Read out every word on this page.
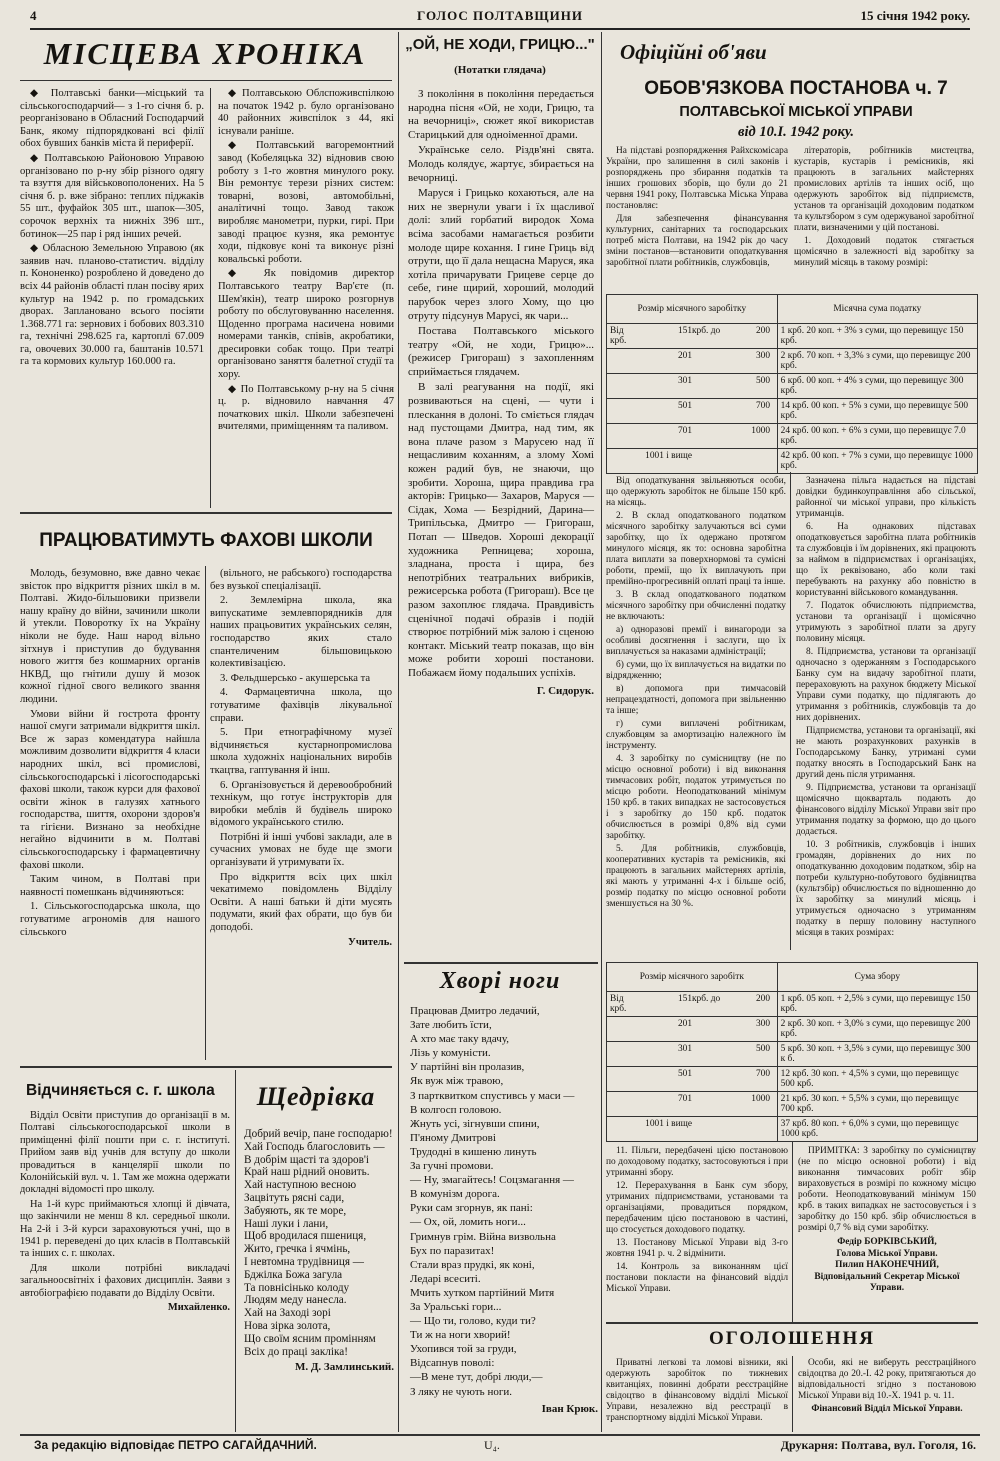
4	ГОЛОС ПОЛТАВЩИНИ	15 січня 1942 року.
МІСЦЕВА ХРОНІКА

◆ Полтавські банки—місцький та сільськогосподарчий— з 1-го січня б. р. реорганізовано в Обласний Господарчий Банк, якому підпорядковані всі філії обох бувших банків міста й периферії.

◆ Полтавською Районовою Управою організовано по р-ну збір різного одягу та взуття для військовополонених. На 5 січня б. р. вже зібрано: теплих піджаків 55 шт., фуфайок 305 шт., шапок—305, сорочок верхніх та нижніх 396 шт., ботинок—25 пар і ряд інших речей.

◆ Обласною Земельною Управою (як заявив нач. планово-статистич. відділу п. Кононенко) розроблено й доведено до всіх 44 районів області план посіву ярих культур на 1942 р. по громадських дворах. Заплановано всього посіяти 1.368.771 га: зернових і бобових 803.310 га, технічні 298.625 га, картоплі 67.009 га, овочевих 30.000 га, баштанів 10.571 га та кормових культур 160.000 га.

◆ Полтавською Облспоживспілкою на початок 1942 р. було організовано 40 районних живспілок з 44, які існували раніше.

◆ Полтавський вагоремонтний завод (Кобеляцька 32) відновив свою роботу з 1-го жовтня минулого року. Він ремонтує терези різних систем: товарні, возові, автомобільні, аналітичні тощо. Завод також виробляє манометри, пурки, гирі. При заводі працює кузня, яка ремонтує ходи, підковує коні та виконує різні ковальські роботи.

◆ Як повідомив директор Полтавського театру Вар'єте (п. Шем'якін), театр широко розгорнув роботу по обслуговуванню населення. Щоденно програма насичена новими номерами танків, співів, акробатики, дресировки собак тощо. При театрі організовано заняття балетної студії та хору.

◆ По Полтавському р-ну на 5 січня ц. р. відновило навчання 47 початкових шкіл. Школи забезпечені вчителями, приміщенням та паливом.

ПРАЦЮВАТИМУТЬ ФАХОВІ ШКОЛИ

Молодь, безумовно, вже давно чекає звісток про відкриття різних шкіл в м. Полтаві. Жидо-більшовики призвели нашу країну до війни, зачинили школи й утекли. Поворотку їх на Україну ніколи не буде. Наш народ вільно зітхнув і приступив до будування нового життя без кошмарних органів НКВД, що гнітили душу й мозок кожної гідної свого великого звання людини.

Умови війни й гострота фронту нашої смуги затримали відкриття шкіл. Все ж зараз комендатура найшла можливим дозволити відкриття 4 класи народних шкіл, всі промислові, сільськогосподарські і лісогосподарські фахові школи, також курси для фахової освіти жінок в галузях хатнього господарства, шиття, охорони здоров'я та гігієни. Визнано за необхідне негайно відчинити в м. Полтаві сільськогосподарську і фармацевтичну фахові школи.

Таким чином, в Полтаві при наявності помешкань відчиняються:

1. Сільськогосподарська школа, що готуватиме агрономів для нашого сільського

(вільного, не рабського) господарства без вузької спеціалізації.

2. Землемірна школа, яка випускатиме землевпорядників для наших працьовитих українських селян, господарство яких стало спантеличеним більшовицькою колективізацією.

3. Фельдшерсько - акушерська та

4. Фармацевтична школа, що готуватиме фахівців лікувальної справи.

5. При етнографічному музеї відчиняється кустарнопромислова школа художніх національних виробів ткацтва, гаптування й інш.

6. Організовується й деревообробний технікум, що готує інструкторів для виробки меблів й будівель широко відомого українського стилю.

Потрібні й інші учбові заклади, але в сучасних умовах не буде ще змоги організувати й утримувати їх.

Про відкриття всіх цих шкіл чекатимемо повідомлень Відділу Освіти. А наші батьки й діти мусять подумати, який фах обрати, що був би доподобі.

Учитель.
Відчиняється с. г. школа

Відділ Освіти приступив до організації в м. Полтаві сільськогосподарської школи в приміщенні філії пошти при с. г. інституті. Прийом заяв від учнів для вступу до школи провадиться в канцелярії школи по Колонійській вул. ч. 1. Там же можна одержати докладні відомості про школу.

На 1-й курс приймаються хлопці й дівчата, що закінчили не менш 8 кл. середньої школи. На 2-й і 3-й курси зараховуються учні, що в 1941 р. переведені до цих класів в Полтавській та інших с. г. школах.

Для школи потрібні викладачі загальноосвітніх і фахових дисциплін. Заяви з автобіографією подавати до Відділу Освіти.

Михайленко.
Щедрівка
Добрий вечір, пане господарю!
Хай Господь благословить —
В добрім щасті та здоров'і
Край наш рідний оновить.
Хай наступною весною
Зацвітуть рясні сади,
Забуяють, як те море,
Наші луки і лани,
Щоб вродилася пшениця,
Жито, гречка і ячмінь,
І невтомна трудівниця —
Бджілка Божа загула
Та повнісінько колоду
Людям меду нанесла.
Хай на Заході зорі
Нова зірка золота,
Що своїм ясним промінням
Всіх до праці закліка!
М. Д. Замлинський.
„ОЙ, НЕ ХОДИ, ГРИЦЮ..."
(Нотатки глядача)

З покоління в покоління передається народна пісня «Ой, не ходи, Грицю, та на вечорниці», сюжет якої використав Старицький для одноіменної драми.

Українське село. Різдв'яні свята. Молодь колядує, жартує, збирається на вечорниці.

Маруся і Грицько кохаються, але на них не звернули уваги і їх щасливої долі: злий горбатий виродок Хома всіма засобами намагається розбити молоде щире кохання. І гине Гриць від отрути, що її дала нещасна Маруся, яка хотіла причарувати Грицеве серце до себе, гине щирий, хороший, молодий парубок через злого Хому, що цю отруту підсунув Марусі, як чари...

Постава Полтавського міського театру «Ой, не ходи, Грицю»... (режисер Григораш) з захопленням сприймається глядачем.

В залі реагування на події, які розвиваються на сцені, — чути і плескання в долоні. То сміється глядач над пустощами Дмитра, над тим, як вона плаче разом з Марусею над її нещасливим коханням, а злому Хомі кожен радий був, не знаючи, що зробити. Хороша, щира правдива гра акторів: Грицько— Захаров, Маруся — Сідак, Хома — Безрідний, Дарина—Трипільська, Дмитро — Григораш, Потап — Шведов. Хороші декорації художника Репницева; хороша, зладнана, проста і щира, без непотрібних театральних вибриків, режисерська робота (Григораш). Все це разом захоплює глядача. Правдивість сценічної подачі образів і подій створює потрібний між залою і сценою контакт. Міський театр показав, що він може робити хороші постанови. Побажаєм йому подальших успіхів.

Г. Сидорук.
Хворі ноги
Працював Дмитро ледачий,
Зате любить їсти,
А хто має таку вдачу,
Лізь у комуністи.
У партійні він пролазив,
Як вуж між травою,
З партквитком спустивсь у маси —
В колгосп головою.
Жнуть усі, зігнувши спини,
П'яному Дмитрові
Трудодні в кишеню линуть
За гучні промови.
— Ну, змагайтесь! Соцзмагання —
В комунізм дорога.
Руки сам згорнув, як пані:
— Ох, ой, ломить ноги...
Гримнув грім. Війна визвольна
Бух по паразитах!
Стали враз прудкі, як коні,
Ледарі всеситі.
Мчить хутком партійний Митя
За Уральські гори...
— Що ти, голово, куди ти?
Ти ж на ноги хворий!
Ухопився той за груди,
Відсапнув поволі:
—В мене тут, добрі люди,—
З ляку не чують ноги.
Іван Крюк.
Офіційні об'яви
ОБОВ'ЯЗКОВА ПОСТАНОВА ч. 7
ПОЛТАВСЬКОЇ МІСЬКОЇ УПРАВИ
від 10.I. 1942 року.

На підставі розпорядження Райхскомісара України, про залишення в силі законів і розпоряджень про збирання податків та інших грошових зборів, що були до 21 червня 1941 року, Полтавська Міська Управа постановляє:

Для забезпечення фінансування культурних, санітарних та господарських потреб міста Полтави, на 1942 рік до часу зміни постанов—встановити оподаткування заробітної плати робітників, службовців,

літераторів, робітників мистецтва, кустарів, кустарів і ремісників, які працюють в загальних майстернях промислових артілів та інших осіб, що одержують заробіток від підприємств, установ та організацій доходовим податком та культзбором з сум одержуваної заробітної плати, визначеними у цій постанові.

1. Доходовий податок стягається щомісячно в залежності від заробітку за минулий місяць в такому розмірі:

Розмір місячного заробітку	Місячна сума податку
Від 151крб. до 200крб.	1 крб. 20 коп. + 3% з суми, що перевищує 150 крб.
201 300	2 крб. 70 коп. + 3,3% з суми, що перевищує 200 крб.
301 500	6 крб. 00 коп. + 4% з суми, що перевищує 300 крб.
501 700	14 крб. 00 коп. + 5% з суми, що перевищує 500 крб.
701 1000	24 крб. 00 коп. + 6% з суми, що перевищує 7.0 крб.
1001 і вище	42 крб. 00 коп. + 7% з суми, що перевищує 1000 крб.

Від оподаткування звільняються особи, що одержують заробіток не більше 150 крб. на місяць.

2. В склад оподаткованого податком місячного заробітку залучаються всі суми заробітку, що їх одержано протягом минулого місяця, як то: основна заробітна плата виплати за поверхнормові та сумісні роботи, премії, що їх виплачують при премійно-прогресивній оплаті праці та інше.

3. В склад оподаткованого податком місячного заробітку при обчисленні податку не включають:

а) одноразові премії і винагороди за особливі досягнення і заслуги, що їх виплачується за наказами адміністрації;

б) суми, що їх виплачується на видатки по відрядженню;

в) допомога при тимчасовій непрацездатності, допомога при звільненню та інше;

г) суми виплачені робітникам, службовцям за амортизацію належного їм інструменту.

4. З заробітку по сумісництву (не по місцю основної роботи) і від виконання тимчасових робіт, податок утримується по місцю роботи. Неоподаткований мінімум 150 крб. в таких випадках не застосовується і з заробітку до 150 крб. податок обчислюється в розмірі 0,8% від суми заробітку.

5. Для робітників, службовців, кооперативних кустарів та ремісників, які працюють в загальних майстернях артілів, які мають у утриманні 4-х і більше осіб, розмір податку по місцю основної роботи зменшується на 30 %.

Зазначена пільга надається на підставі довідки будинкоуправління або сільської, районної чи міської управи, про кількість утриманців.

6. На однакових підставах оподатковується заробітна плата робітників та службовців і їм дорівнених, які працюють за наймом в підприємствах і організаціях, що їх реквізовано, або коли такі перебувають на рахунку або повністю в користуванні військового командування.

7. Податок обчислюють підприємства, установи та організації і щомісячно утримують з заробітної плати за другу половину місяця.

8. Підприємства, установи та організації одночасно з одержанням з Господарського Банку сум на видачу заробітної плати, перераховують на рахунок бюджету Міської Управи суми податку, що підлягають до утримання з робітників, службовців та до них дорівнених.

Підприємства, установи та організації, які не мають розрахункових рахунків в Господарському Банку, утримані суми податку вносять в Господарський Банк на другий день після утримання.

9. Підприємства, установи та організації щомісячно щокварталь подають до фінансового відділу Міської Управи звіт про утримання податку за формою, що до цього додається.

10. З робітників, службовців і інших громадян, дорівнених до них по оподаткуванню доходовим податком, збір на потреби культурно-побутового будівництва (культзбір) обчислюється по відношенню до їх заробітку за минулий місяць і утримується одночасно з утриманням податку в першу половину наступного місяця в таких розмірах:

Розмір місячного заробітк	Сума збору
Від 151крб. до 200крб.	1 крб. 05 коп. + 2,5% з суми, що перевищує 150 крб.
201 300	2 крб. 30 коп. + 3,0% з суми, що перевищує 200 крб.
301 500	5 крб. 30 коп. + 3,5% з суми, що перевищує 300 к б.
501 700	12 крб. 30 коп. + 4,5% з суми, що перевищує 500 крб.
701 1000	21 крб. 30 коп. + 5,5% з суми, що перевищує 700 крб.
1001 і вище	37 крб. 80 коп. + 6,0% з суми, що перевищує 1000 крб.

11. Пільги, передбачені цією постановою по доходовому податку, застосовуються і при утриманні збору.

12. Перерахування в Банк сум збору, утриманих підприємствами, установами та організаціями, провадиться порядком, передбаченим цією постановою в частині, що стосується доходового податку.

13. Постанову Міської Управи від 3-го жовтня 1941 р. ч. 2 відмінити.

14. Контроль за виконанням цієї постанови покласти на фінансовий відділ Міської Управи.

ПРИМІТКА: З заробітку по сумісництву (не по місцю основної роботи) і від виконання тимчасових робіт збір вираховується в розмірі по кожному місцю роботи. Неоподатковуваний мінімум 150 крб. в таких випадках не застосовується і з заробітку до 150 крб. збір обчислюється в розмірі 0,7 % від суми заробітку.

Федір БОРКІВСЬКИЙ,
Голова Міської Управи.
Пилип НАКОНЕЧНИЙ,
Відповідальний Секретар Міської Управи.
ОГОЛОШЕННЯ

Приватні легкові та ломові візники, які одержують заробіток по тижневих квитанціях, повинні добрати реєстраційне свідоцтво в фінансовому відділі Міської Управи, незалежно від реєстрації в транспортному відділі Міської Управи.

Особи, які не виберуть реєстраційного свідоцтва до 20.-I. 42 року, притягаються до відповідальності згідно з постановою Міської Управи від 10.-Х. 1941 р. ч. 11.

Фінансовий Відділ Міської Управи.
За редакцію відповідає ПЕТРО САГАЙДАЧНИЙ.	U₄.	Друкарня: Полтава, вул. Гоголя, 16.
